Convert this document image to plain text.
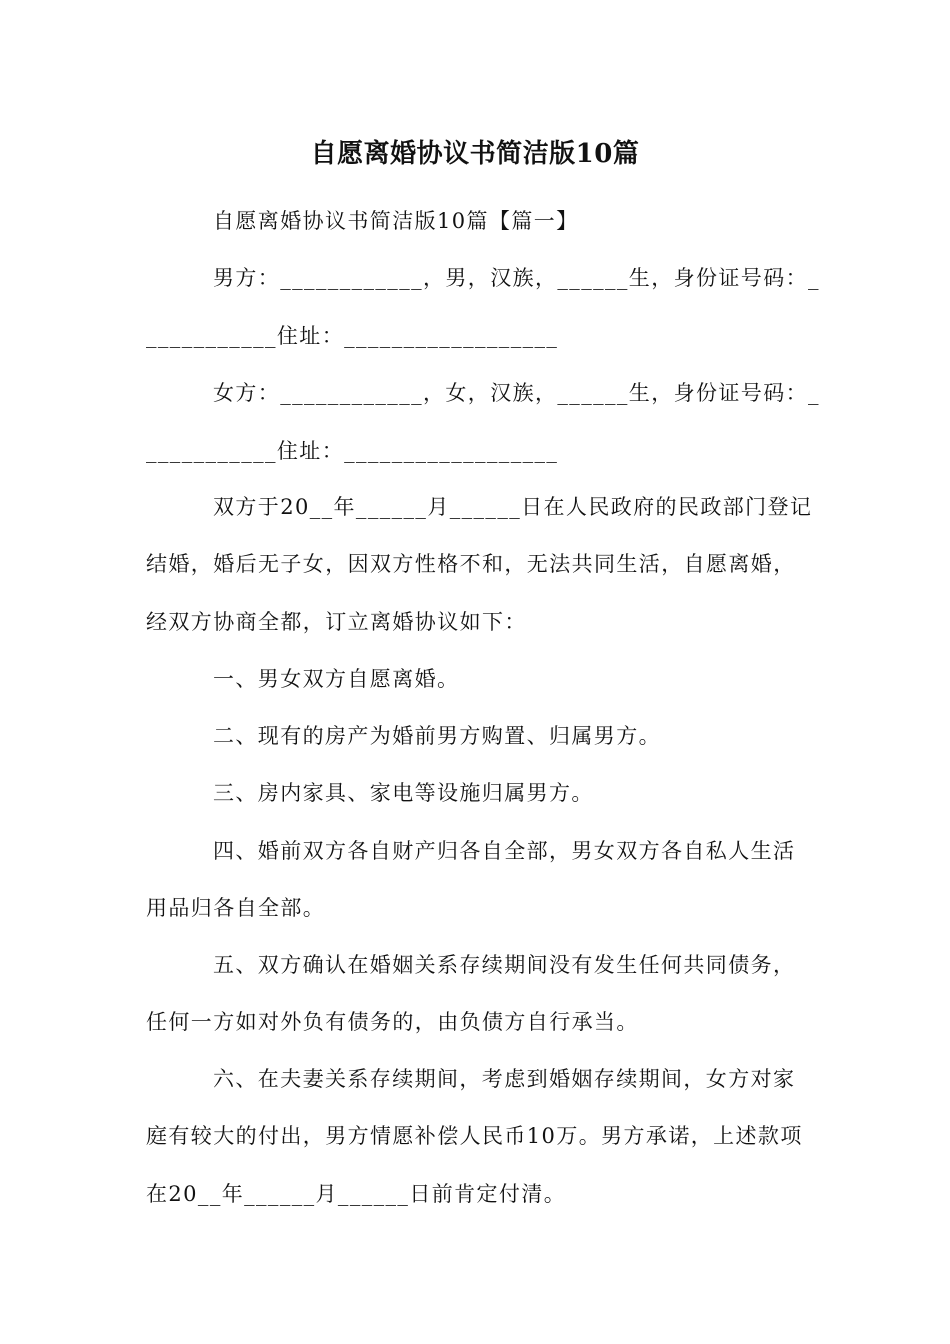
自愿离婚协议书简洁版10篇

自愿离婚协议书简洁版10篇【篇一】

男方：____________，男，汉族，______生，身份证号码：_

___________住址：__________________

女方：____________，女，汉族，______生，身份证号码：_

___________住址：__________________

双方于20__年______月______日在人民政府的民政部门登记

结婚，婚后无子女，因双方性格不和，无法共同生活，自愿离婚，

经双方协商全都，订立离婚协议如下：

一、男女双方自愿离婚。

二、现有的房产为婚前男方购置、归属男方。

三、房内家具、家电等设施归属男方。

四、婚前双方各自财产归各自全部，男女双方各自私人生活

用品归各自全部。

五、双方确认在婚姻关系存续期间没有发生任何共同债务，

任何一方如对外负有债务的，由负债方自行承当。

六、在夫妻关系存续期间，考虑到婚姻存续期间，女方对家

庭有较大的付出，男方情愿补偿人民币10万。男方承诺，上述款项

在20__年______月______日前肯定付清。
